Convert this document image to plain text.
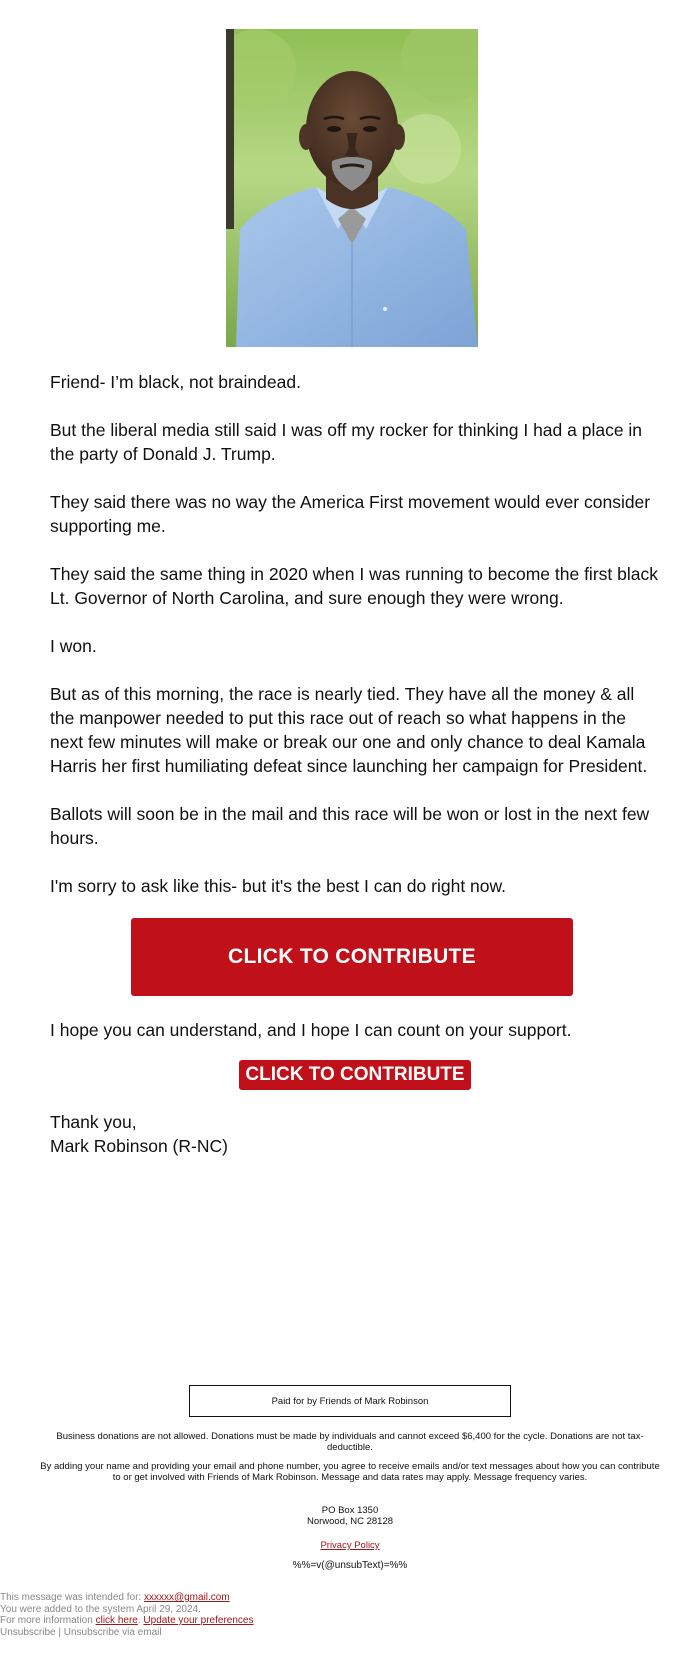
Friend- I’m black, not braindead.

But the liberal media still said I was off my rocker for thinking I had a place in the party of Donald J. Trump.

They said there was no way the America First movement would ever consider supporting me.

They said the same thing in 2020 when I was running to become the first black Lt. Governor of North Carolina, and sure enough they were wrong.

I won.

But as of this morning, the race is nearly tied. They have all the money & all the manpower needed to put this race out of reach so what happens in the next few minutes will make or break our one and only chance to deal Kamala Harris her first humiliating defeat since launching her campaign for President.

Ballots will soon be in the mail and this race will be won or lost in the next few hours.

I'm sorry to ask like this- but it's the best I can do right now.

CLICK TO CONTRIBUTE

I hope you can understand, and I hope I can count on your support.

CLICK TO CONTRIBUTE

Thank you,

Mark Robinson (R-NC)

Paid for by Friends of Mark Robinson
Business donations are not allowed. Donations must be made by individuals and cannot exceed $6,400 for the cycle. Donations are not tax-deductible.
By adding your name and providing your email and phone number, you agree to receive emails and/or text messages about how you can contribute to or get involved with Friends of Mark Robinson. Message and data rates may apply. Message frequency varies.
PO Box 1350
Norwood, NC 28128
Privacy Policy
%%=v(@unsubText)=%%
This message was intended for: xxxxxx@gmail.com
You were added to the system April 29, 2024.
For more information click here. Update your preferences
Unsubscribe | Unsubscribe via email
